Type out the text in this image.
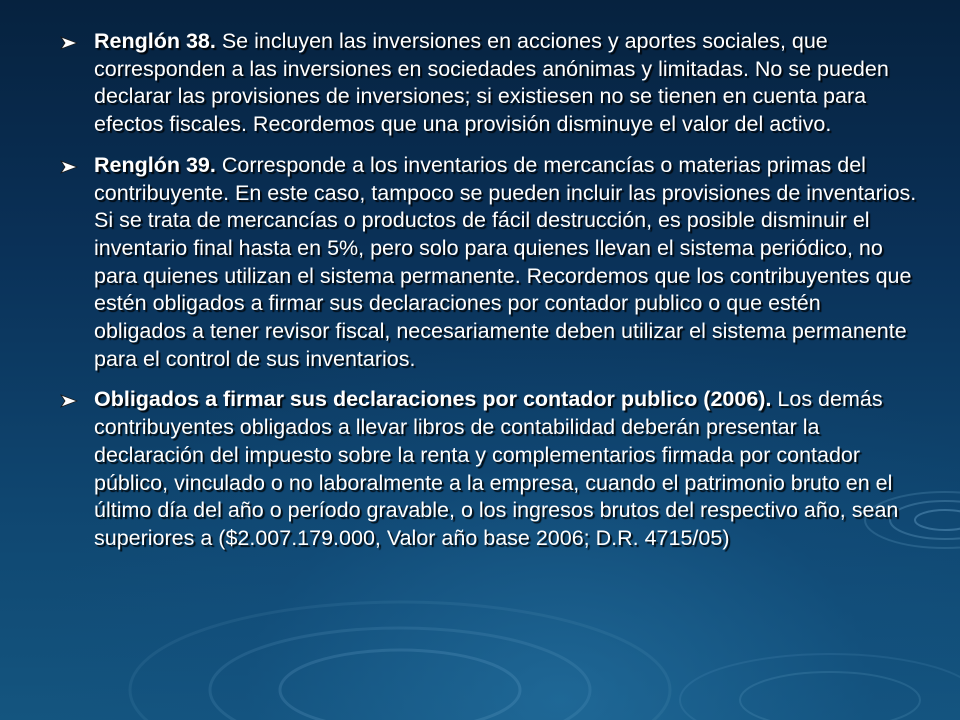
Renglón 38. Se incluyen las inversiones en acciones y aportes sociales, que corresponden a las inversiones en sociedades anónimas y limitadas. No se pueden declarar las provisiones de inversiones; si existiesen no se tienen en cuenta para efectos fiscales. Recordemos que una provisión disminuye el valor del activo.

Renglón 39. Corresponde a los inventarios de mercancías o materias primas del contribuyente. En este caso, tampoco se pueden incluir las provisiones de inventarios. Si se trata de mercancías o productos de fácil destrucción, es posible disminuir el inventario final hasta en 5%, pero solo para quienes llevan el sistema periódico, no para quienes utilizan el sistema permanente. Recordemos que los contribuyentes que estén obligados a firmar sus declaraciones por contador publico o que estén obligados a tener revisor fiscal, necesariamente deben utilizar el sistema permanente para el control de sus inventarios.

Obligados a firmar sus declaraciones por contador publico (2006). Los demás contribuyentes obligados a llevar libros de contabilidad deberán presentar la declaración del impuesto sobre la renta y complementarios firmada por contador público, vinculado o no laboralmente a la empresa, cuando el patrimonio bruto en el último día del año o período gravable, o los ingresos brutos del respectivo año, sean superiores a ($2.007.179.000, Valor año base 2006; D.R. 4715/05)
